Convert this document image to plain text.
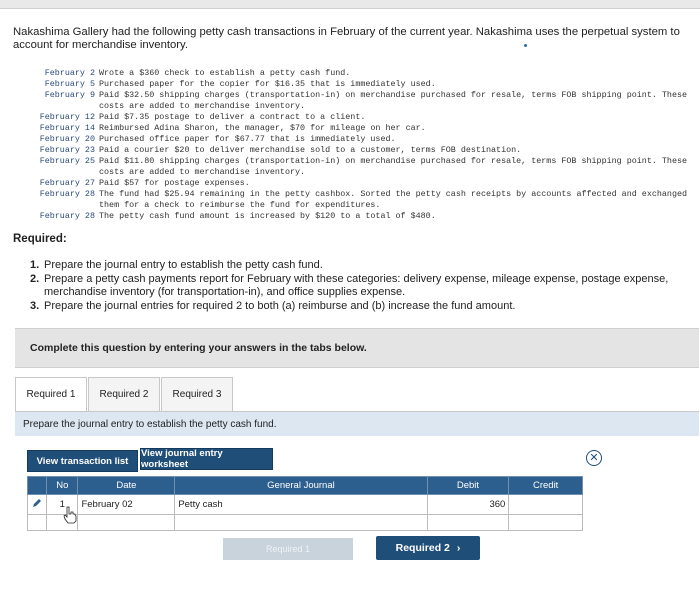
Nakashima Gallery had the following petty cash transactions in February of the current year. Nakashima uses the perpetual system to account for merchandise inventory.
February 2 Wrote a $360 check to establish a petty cash fund.
February 5 Purchased paper for the copier for $16.35 that is immediately used.
February 9 Paid $32.50 shipping charges (transportation-in) on merchandise purchased for resale, terms FOB shipping point. These costs are added to merchandise inventory.
February 12 Paid $7.35 postage to deliver a contract to a client.
February 14 Reimbursed Adina Sharon, the manager, $70 for mileage on her car.
February 20 Purchased office paper for $67.77 that is immediately used.
February 23 Paid a courier $20 to deliver merchandise sold to a customer, terms FOB destination.
February 25 Paid $11.80 shipping charges (transportation-in) on merchandise purchased for resale, terms FOB shipping point. These costs are added to merchandise inventory.
February 27 Paid $57 for postage expenses.
February 28 The fund had $25.94 remaining in the petty cashbox. Sorted the petty cash receipts by accounts affected and exchanged them for a check to reimburse the fund for expenditures.
February 28 The petty cash fund amount is increased by $120 to a total of $480.
Required:
1. Prepare the journal entry to establish the petty cash fund.
2. Prepare a petty cash payments report for February with these categories: delivery expense, mileage expense, postage expense, merchandise inventory (for transportation-in), and office supplies expense.
3. Prepare the journal entries for required 2 to both (a) reimburse and (b) increase the fund amount.
Complete this question by entering your answers in the tabs below.
Required 1	Required 2	Required 3
Prepare the journal entry to establish the petty cash fund.
View transaction list
View journal entry worksheet
✕
	No	Date	General Journal	Debit	Credit
	1	February 02	Petty cash	360	

Required 1	Required 2 ›
